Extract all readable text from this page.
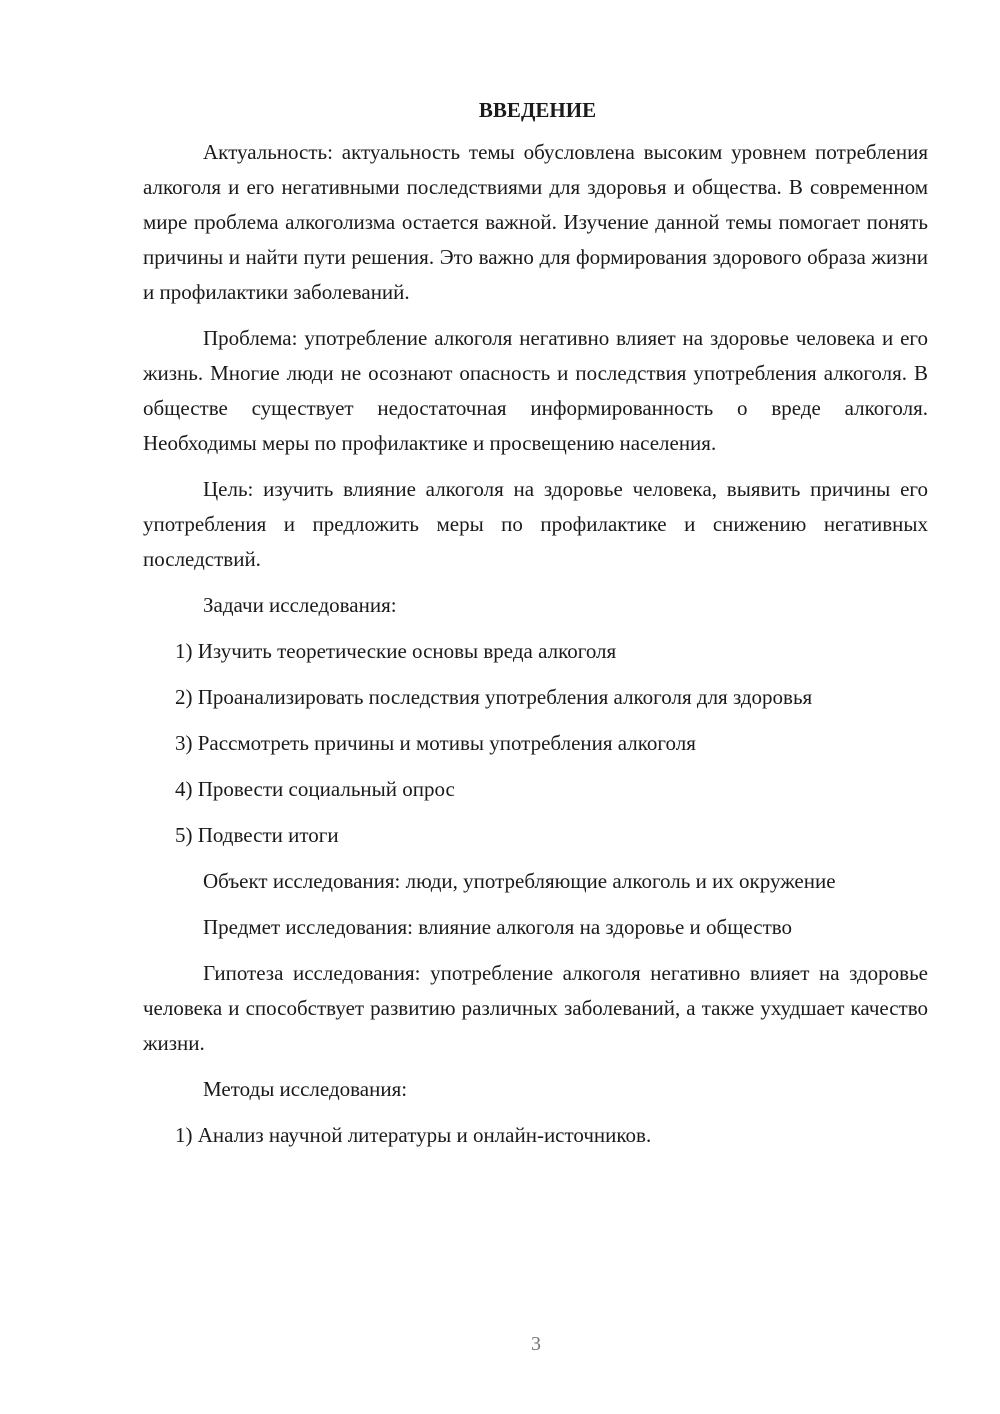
ВВЕДЕНИЕ

Актуальность: актуальность темы обусловлена высоким уровнем потребления алкоголя и его негативными последствиями для здоровья и общества. В современном мире проблема алкоголизма остается важной. Изучение данной темы помогает понять причины и найти пути решения. Это важно для формирования здорового образа жизни и профилактики заболеваний.

Проблема: употребление алкоголя негативно влияет на здоровье человека и его жизнь. Многие люди не осознают опасность и последствия употребления алкоголя. В обществе существует недостаточная информированность о вреде алкоголя. Необходимы меры по профилактике и просвещению населения.

Цель: изучить влияние алкоголя на здоровье человека, выявить причины его употребления и предложить меры по профилактике и снижению негативных последствий.

Задачи исследования:

1) Изучить теоретические основы вреда алкоголя

2) Проанализировать последствия употребления алкоголя для здоровья

3) Рассмотреть причины и мотивы употребления алкоголя

4) Провести социальный опрос

5) Подвести итоги

Объект исследования: люди, употребляющие алкоголь и их окружение

Предмет исследования: влияние алкоголя на здоровье и общество

Гипотеза исследования: употребление алкоголя негативно влияет на здоровье человека и способствует развитию различных заболеваний, а также ухудшает качество жизни.

Методы исследования:

1) Анализ научной литературы и онлайн-источников.

3
